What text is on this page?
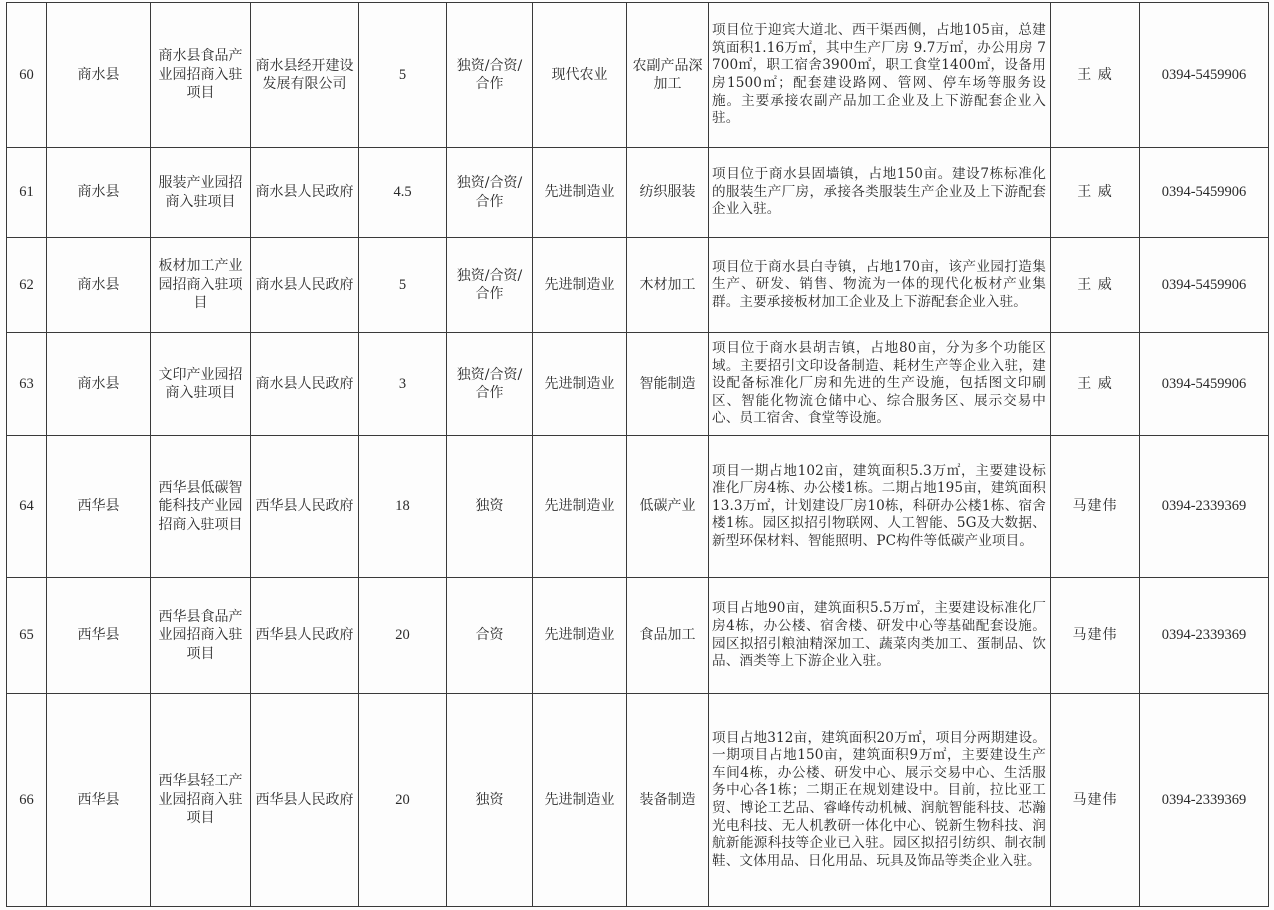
60	商水县	商水县食品产业园招商入驻项目	商水县经开建设发展有限公司	5	独资/合资/合作	现代农业	农副产品深加工	项目位于迎宾大道北、西干渠西侧，占地105亩，总建筑面积1.16万㎡，其中生产厂房 9.7万㎡，办公用房 7700㎡，职工宿舍3900㎡，职工食堂1400㎡，设备用房1500㎡；配套建设路网、管网、停车场等服务设施。主要承接农副产品加工企业及上下游配套企业入驻。	王 威	0394-5459906
61	商水县	服装产业园招商入驻项目	商水县人民政府	4.5	独资/合资/合作	先进制造业	纺织服装	项目位于商水县固墙镇，占地150亩。建设7栋标准化的服装生产厂房，承接各类服装生产企业及上下游配套企业入驻。	王 威	0394-5459906
62	商水县	板材加工产业园招商入驻项目	商水县人民政府	5	独资/合资/合作	先进制造业	木材加工	项目位于商水县白寺镇，占地170亩，该产业园打造集生产、研发、销售、物流为一体的现代化板材产业集群。主要承接板材加工企业及上下游配套企业入驻。	王 威	0394-5459906
63	商水县	文印产业园招商入驻项目	商水县人民政府	3	独资/合资/合作	先进制造业	智能制造	项目位于商水县胡吉镇，占地80亩，分为多个功能区域。主要招引文印设备制造、耗材生产等企业入驻，建设配备标准化厂房和先进的生产设施，包括图文印刷区、智能化物流仓储中心、综合服务区、展示交易中心、员工宿舍、食堂等设施。	王 威	0394-5459906
64	西华县	西华县低碳智能科技产业园招商入驻项目	西华县人民政府	18	独资	先进制造业	低碳产业	项目一期占地102亩，建筑面积5.3万㎡，主要建设标准化厂房4栋、办公楼1栋。二期占地195亩，建筑面积13.3万㎡，计划建设厂房10栋，科研办公楼1栋、宿舍楼1栋。园区拟招引物联网、人工智能、5G及大数据、新型环保材料、智能照明、PC构件等低碳产业项目。	马建伟	0394-2339369
65	西华县	西华县食品产业园招商入驻项目	西华县人民政府	20	合资	先进制造业	食品加工	项目占地90亩，建筑面积5.5万㎡，主要建设标准化厂房4栋，办公楼、宿舍楼、研发中心等基础配套设施。园区拟招引粮油精深加工、蔬菜肉类加工、蛋制品、饮品、酒类等上下游企业入驻。	马建伟	0394-2339369
66	西华县	西华县轻工产业园招商入驻项目	西华县人民政府	20	独资	先进制造业	装备制造	项目占地312亩，建筑面积20万㎡，项目分两期建设。一期项目占地150亩，建筑面积9万㎡，主要建设生产车间4栋，办公楼、研发中心、展示交易中心、生活服务中心各1栋；二期正在规划建设中。目前，拉比亚工贸、博论工艺品、睿峰传动机械、润航智能科技、芯瀚光电科技、无人机教研一体化中心、锐新生物科技、润航新能源科技等企业已入驻。园区拟招引纺织、制衣制鞋、文体用品、日化用品、玩具及饰品等类企业入驻。	马建伟	0394-2339369
